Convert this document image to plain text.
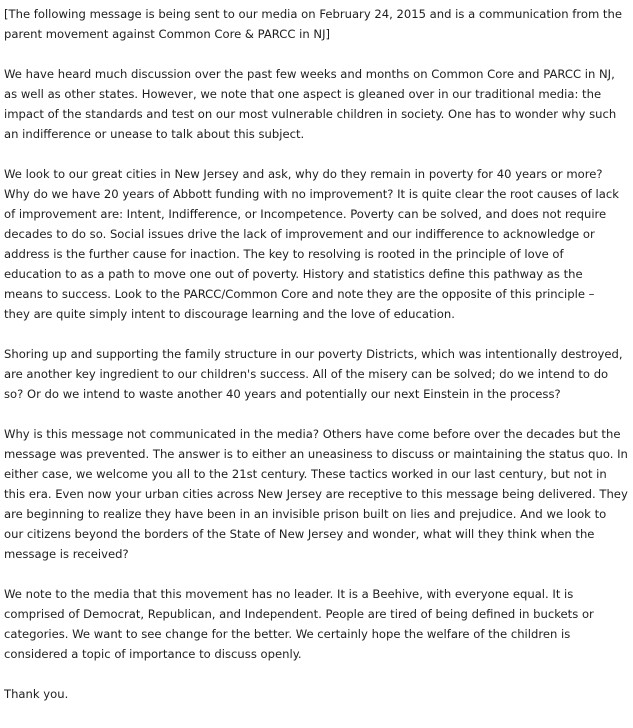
[The following message is being sent to our media on February 24, 2015 and is a communication from the
parent movement against Common Core & PARCC in NJ]

We have heard much discussion over the past few weeks and months on Common Core and PARCC in NJ,
as well as other states. However, we note that one aspect is gleaned over in our traditional media: the
impact of the standards and test on our most vulnerable children in society. One has to wonder why such
an indifference or unease to talk about this subject.

We look to our great cities in New Jersey and ask, why do they remain in poverty for 40 years or more?
Why do we have 20 years of Abbott funding with no improvement? It is quite clear the root causes of lack
of improvement are: Intent, Indifference, or Incompetence. Poverty can be solved, and does not require
decades to do so. Social issues drive the lack of improvement and our indifference to acknowledge or
address is the further cause for inaction. The key to resolving is rooted in the principle of love of
education to as a path to move one out of poverty. History and statistics define this pathway as the
means to success. Look to the PARCC/Common Core and note they are the opposite of this principle –
they are quite simply intent to discourage learning and the love of education.

Shoring up and supporting the family structure in our poverty Districts, which was intentionally destroyed,
are another key ingredient to our children's success. All of the misery can be solved; do we intend to do
so? Or do we intend to waste another 40 years and potentially our next Einstein in the process?

Why is this message not communicated in the media? Others have come before over the decades but the
message was prevented. The answer is to either an uneasiness to discuss or maintaining the status quo. In
either case, we welcome you all to the 21st century. These tactics worked in our last century, but not in
this era. Even now your urban cities across New Jersey are receptive to this message being delivered. They
are beginning to realize they have been in an invisible prison built on lies and prejudice. And we look to
our citizens beyond the borders of the State of New Jersey and wonder, what will they think when the
message is received?

We note to the media that this movement has no leader. It is a Beehive, with everyone equal. It is
comprised of Democrat, Republican, and Independent. People are tired of being defined in buckets or
categories. We want to see change for the better. We certainly hope the welfare of the children is
considered a topic of importance to discuss openly.

Thank you.
